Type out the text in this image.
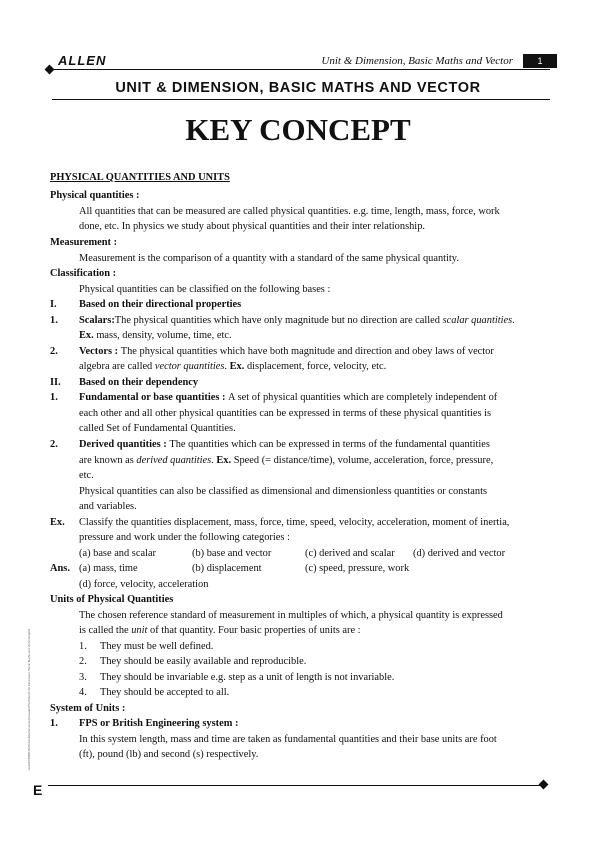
ALLEN	Unit & Dimension, Basic Maths and Vector	1
UNIT & DIMENSION, BASIC MATHS AND VECTOR
KEY CONCEPT
PHYSICAL QUANTITIES AND UNITS
Physical quantities :
All quantities that can be measured are called physical quantities. e.g. time, length, mass, force, work
done, etc. In physics we study about physical quantities and their inter relationship.
Measurement :
Measurement is the comparison of a quantity with a standard of the same physical quantity.
Classification :
Physical quantities can be classified on the following bases :
I. Based on their directional properties
1. Scalars:The physical quantities which have only magnitude but no direction are called scalar quantities.
Ex. mass, density, volume, time, etc.
2. Vectors : The physical quantities which have both magnitude and direction and obey laws of vector
algebra are called vector quantities. Ex. displacement, force, velocity, etc.
II. Based on their dependency
1. Fundamental or base quantities : A set of physical quantities which are completely independent of
each other and all other physical quantities can be expressed in terms of these physical quantities is
called Set of Fundamental Quantities.
2. Derived quantities : The quantities which can be expressed in terms of the fundamental quantities
are known as derived quantities. Ex. Speed (= distance/time), volume, acceleration, force, pressure,
etc.
Physical quantities can also be classified as dimensional and dimensionless quantities or constants
and variables.
Ex. Classify the quantities displacement, mass, force, time, speed, velocity, acceleration, moment of inertia,
pressure and work under the following categories :
(a) base and scalar	(b) base and vector	(c) derived and scalar (d) derived and vector
Ans. (a) mass, time	(b) displacement	(c) speed, pressure, work
(d) force, velocity, acceleration
Units of Physical Quantities
The chosen reference standard of measurement in multiples of which, a physical quantity is expressed
is called the unit of that quantity. Four basic properties of units are :
1. They must be well defined.
2. They should be easily available and reproducible.
3. They should be invariable e.g. step as a unit of length is not invariable.
4. They should be accepted to all.
System of Units :
1. FPS or British Engineering system :
In this system length, mass and time are taken as fundamental quantities and their base units are foot
(ft), pound (lb) and second (s) respectively.
node06\B0B0-BA\Kota\JEE(Advanced)\Leader\Phy\Sheet\Unit Dimension, Basic Maths and Vector\Eng\01
E
